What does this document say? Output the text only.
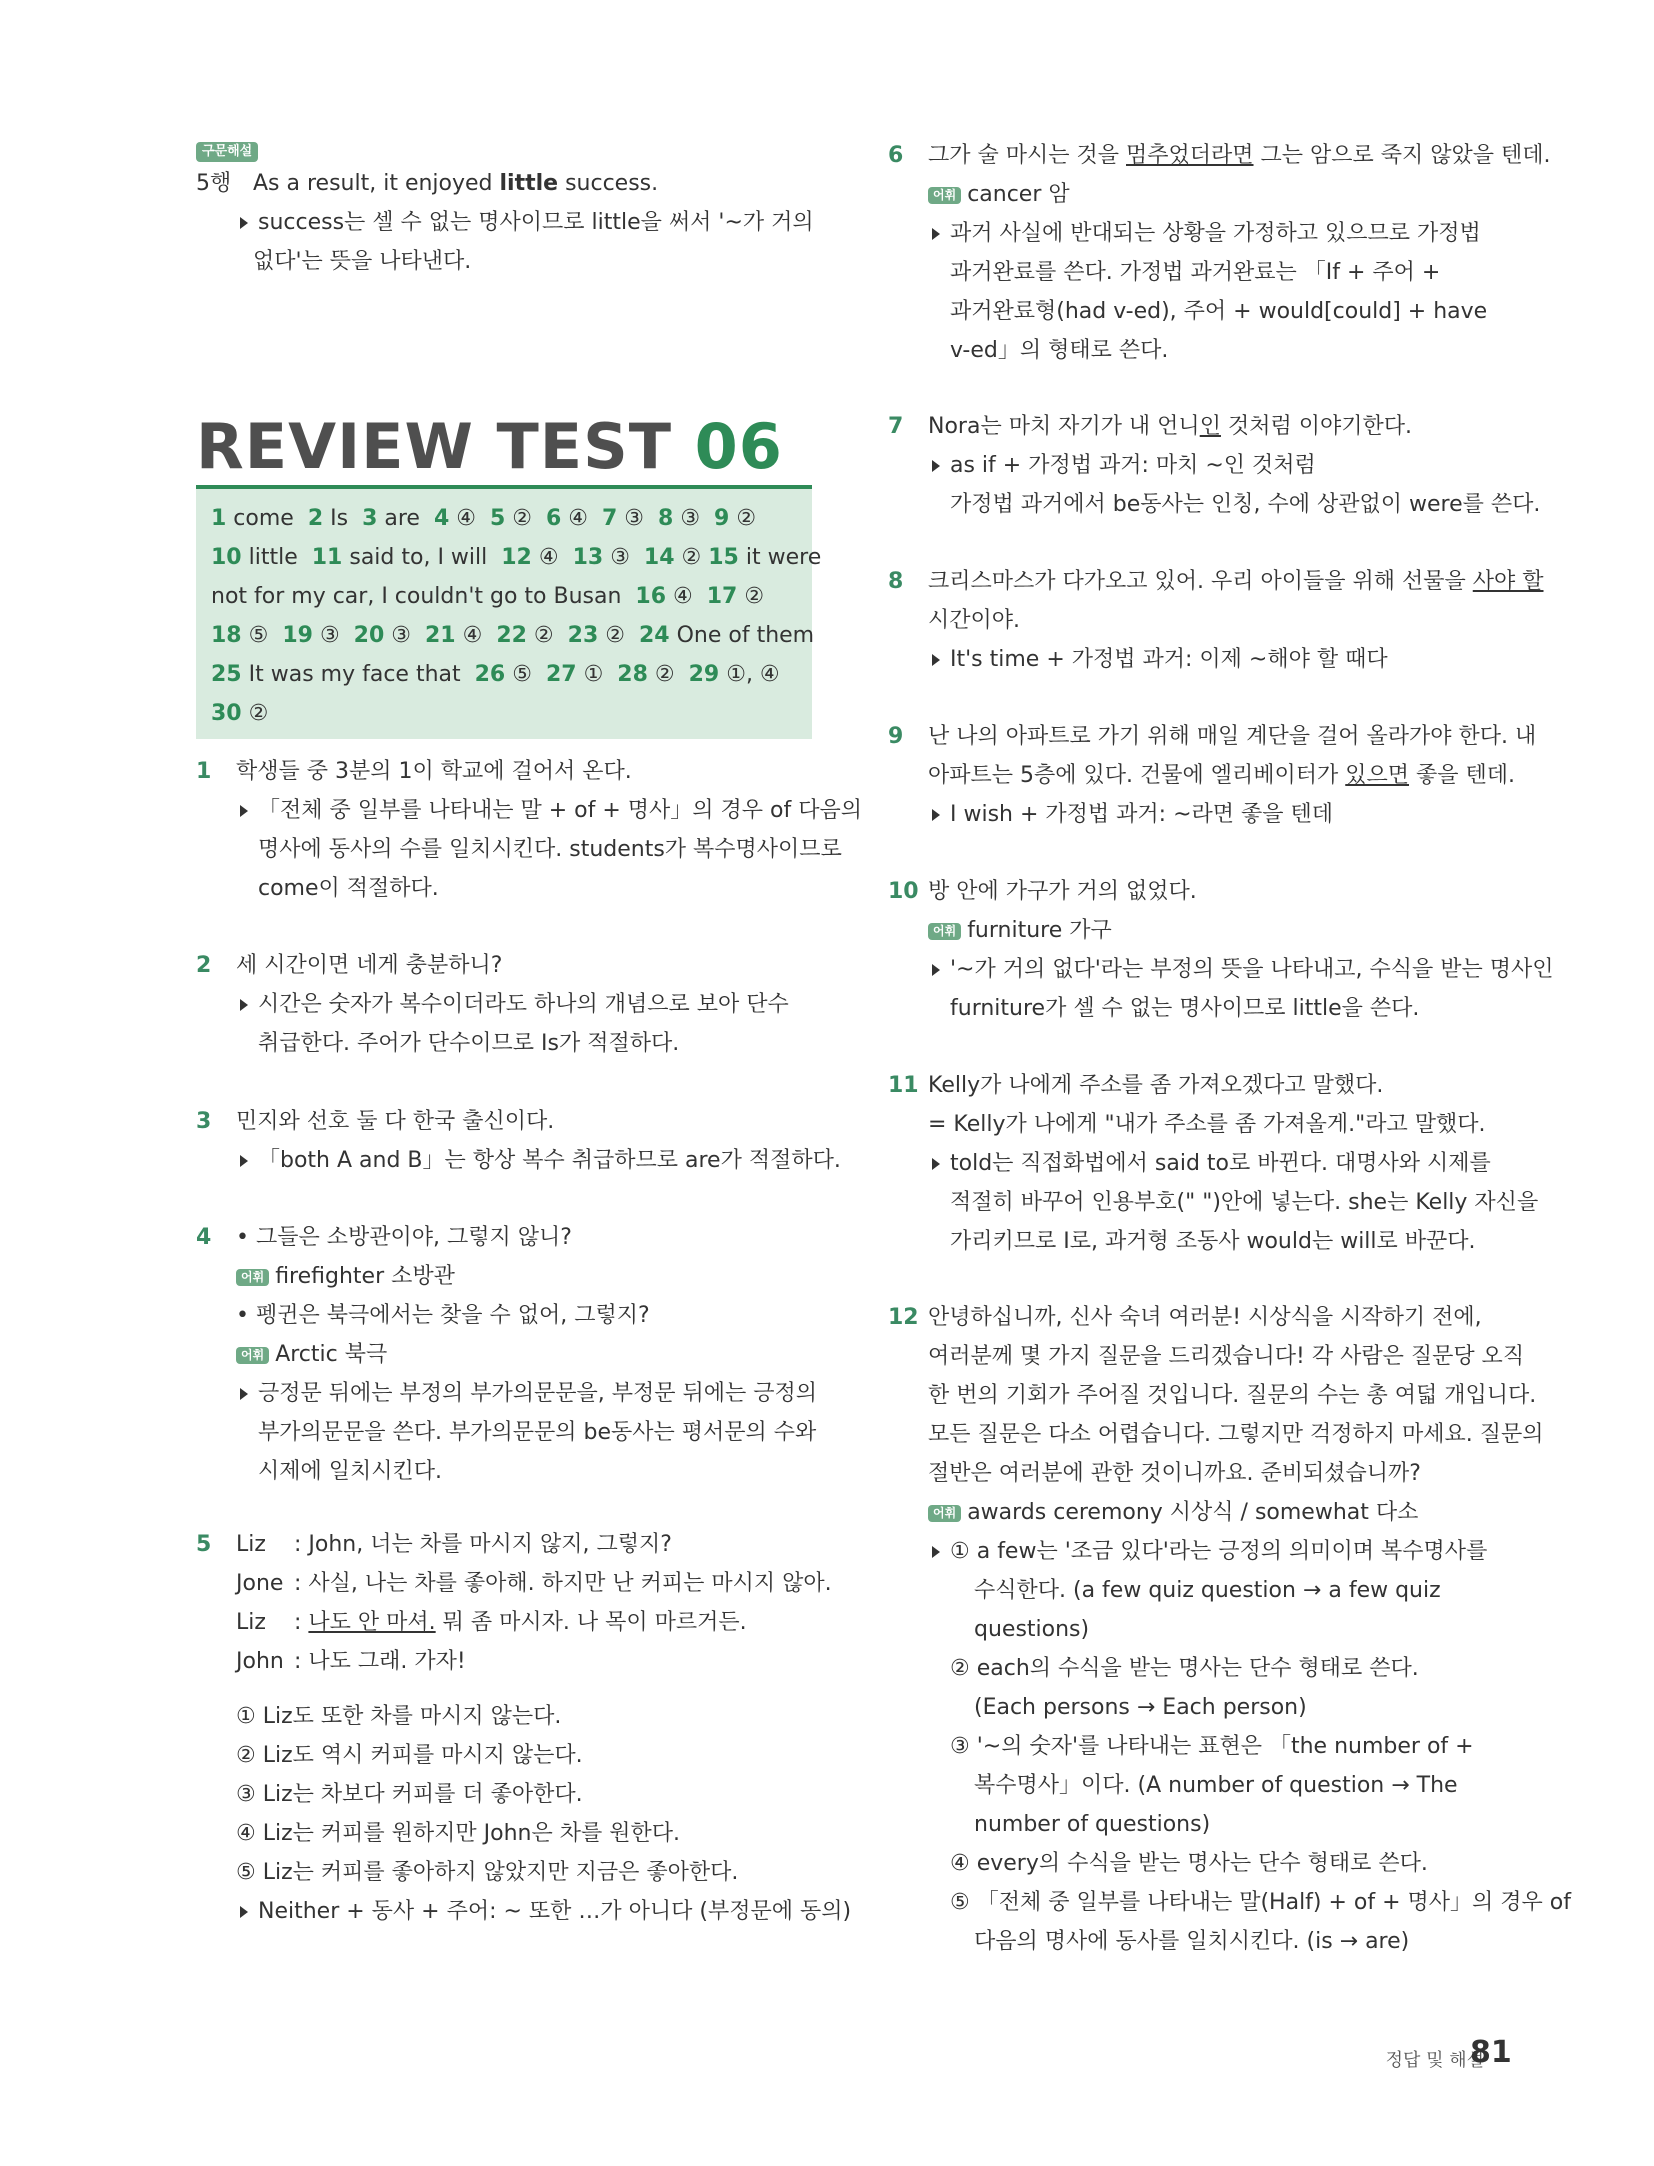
구문해설
5행 As a result, it enjoyed little success.
success는 셀 수 없는 명사이므로 little을 써서 '~가 거의
없다'는 뜻을 나타낸다.
REVIEW TEST 06
1 come  2 Is  3 are  4 ④  5 ②  6 ④  7 ③  8 ③  9 ②
10 little  11 said to, I will  12 ④  13 ③  14 ② 15 it were
not for my car, I couldn't go to Busan  16 ④  17 ②
18 ⑤  19 ③  20 ③  21 ④  22 ②  23 ②  24 One of them
25 It was my face that  26 ⑤  27 ①  28 ②  29 ①, ④
30 ②
1 학생들 중 3분의 1이 학교에 걸어서 온다.
「전체 중 일부를 나타내는 말 + of + 명사」의 경우 of 다음의
명사에 동사의 수를 일치시킨다. students가 복수명사이므로
come이 적절하다.
2 세 시간이면 네게 충분하니?
시간은 숫자가 복수이더라도 하나의 개념으로 보아 단수
취급한다. 주어가 단수이므로 Is가 적절하다.
3 민지와 선호 둘 다 한국 출신이다.
「both A and B」는 항상 복수 취급하므로 are가 적절하다.
4 • 그들은 소방관이야, 그렇지 않니?
어휘 firefighter 소방관
• 펭귄은 북극에서는 찾을 수 없어, 그렇지?
어휘 Arctic 북극
긍정문 뒤에는 부정의 부가의문문을, 부정문 뒤에는 긍정의
부가의문문을 쓴다. 부가의문문의 be동사는 평서문의 수와
시제에 일치시킨다.
5 Liz : John, 너는 차를 마시지 않지, 그렇지?
Jone : 사실, 나는 차를 좋아해. 하지만 난 커피는 마시지 않아.
Liz : 나도 안 마셔. 뭐 좀 마시자. 나 목이 마르거든.
John : 나도 그래. 가자!
① Liz도 또한 차를 마시지 않는다.
② Liz도 역시 커피를 마시지 않는다.
③ Liz는 차보다 커피를 더 좋아한다.
④ Liz는 커피를 원하지만 John은 차를 원한다.
⑤ Liz는 커피를 좋아하지 않았지만 지금은 좋아한다.
Neither + 동사 + 주어: ~ 또한 …가 아니다 (부정문에 동의)
6 그가 술 마시는 것을 멈추었더라면 그는 암으로 죽지 않았을 텐데.
어휘 cancer 암
과거 사실에 반대되는 상황을 가정하고 있으므로 가정법
과거완료를 쓴다. 가정법 과거완료는 「If + 주어 +
과거완료형(had v-ed), 주어 + would[could] + have
v-ed」의 형태로 쓴다.
7 Nora는 마치 자기가 내 언니인 것처럼 이야기한다.
as if + 가정법 과거: 마치 ~인 것처럼
가정법 과거에서 be동사는 인칭, 수에 상관없이 were를 쓴다.
8 크리스마스가 다가오고 있어. 우리 아이들을 위해 선물을 사야 할
시간이야.
It's time + 가정법 과거: 이제 ~해야 할 때다
9 난 나의 아파트로 가기 위해 매일 계단을 걸어 올라가야 한다. 내
아파트는 5층에 있다. 건물에 엘리베이터가 있으면 좋을 텐데.
I wish + 가정법 과거: ~라면 좋을 텐데
10 방 안에 가구가 거의 없었다.
어휘 furniture 가구
'~가 거의 없다'라는 부정의 뜻을 나타내고, 수식을 받는 명사인
furniture가 셀 수 없는 명사이므로 little을 쓴다.
11 Kelly가 나에게 주소를 좀 가져오겠다고 말했다.
= Kelly가 나에게 "내가 주소를 좀 가져올게."라고 말했다.
told는 직접화법에서 said to로 바뀐다. 대명사와 시제를
적절히 바꾸어 인용부호(" ")안에 넣는다. she는 Kelly 자신을
가리키므로 I로, 과거형 조동사 would는 will로 바꾼다.
12 안녕하십니까, 신사 숙녀 여러분! 시상식을 시작하기 전에,
여러분께 몇 가지 질문을 드리겠습니다! 각 사람은 질문당 오직
한 번의 기회가 주어질 것입니다. 질문의 수는 총 여덟 개입니다.
모든 질문은 다소 어렵습니다. 그렇지만 걱정하지 마세요. 질문의
절반은 여러분에 관한 것이니까요. 준비되셨습니까?
어휘 awards ceremony 시상식 / somewhat 다소
① a few는 '조금 있다'라는 긍정의 의미이며 복수명사를
수식한다. (a few quiz question → a few quiz
questions)
② each의 수식을 받는 명사는 단수 형태로 쓴다.
(Each persons → Each person)
③ '~의 숫자'를 나타내는 표현은 「the number of +
복수명사」이다. (A number of question → The
number of questions)
④ every의 수식을 받는 명사는 단수 형태로 쓴다.
⑤ 「전체 중 일부를 나타내는 말(Half) + of + 명사」의 경우 of
다음의 명사에 동사를 일치시킨다. (is → are)
정답 및 해설
81
